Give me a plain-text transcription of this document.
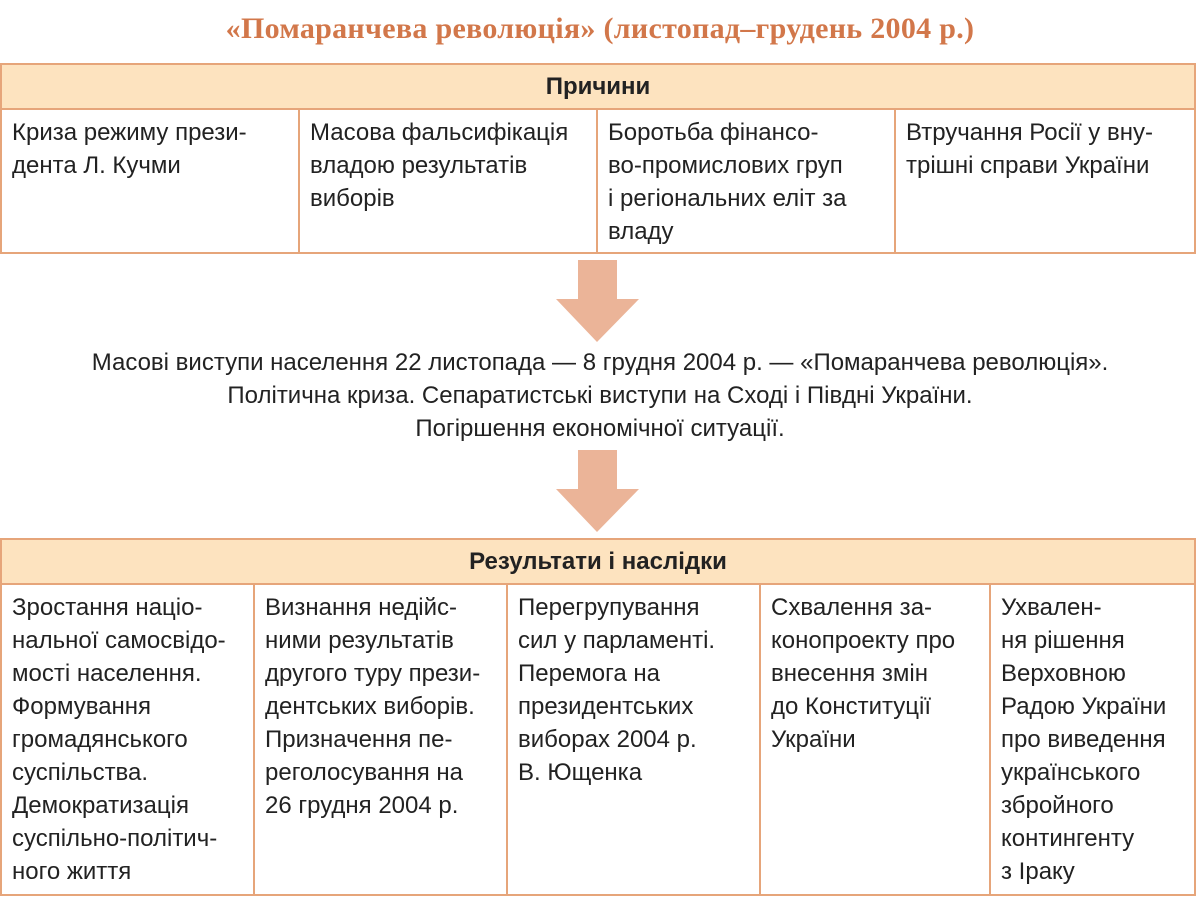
«Помаранчева революція» (листопад–грудень 2004 р.)
Причини
Криза режиму прези-
дента Л. Кучми
Масова фальсифікація
владою результатів
виборів
Боротьба фінансо-
во-промислових груп
і регіональних еліт за
владу
Втручання Росії у вну-
трішні справи України
Масові виступи населення 22 листопада — 8 грудня 2004 р. — «Помаранчева революція».
Політична криза. Сепаратистські виступи на Сході і Півдні України.
Погіршення економічної ситуації.
Результати і наслідки
Зростання націо-
нальної самосвідо-
мості населення.
Формування
громадянського
суспільства.
Демократизація
суспільно-політич-
ного життя
Визнання недійс-
ними результатів
другого туру прези-
дентських виборів.
Призначення пе-
реголосування на
26 грудня 2004 р.
Перегрупування
сил у парламенті.
Перемога на
президентських
виборах 2004 р.
В. Ющенка
Схвалення за-
конопроекту про
внесення змін
до Конституції
України
Ухвален-
ня рішення
Верховною
Радою України
про виведення
українського
збройного
контингенту
з Іраку
